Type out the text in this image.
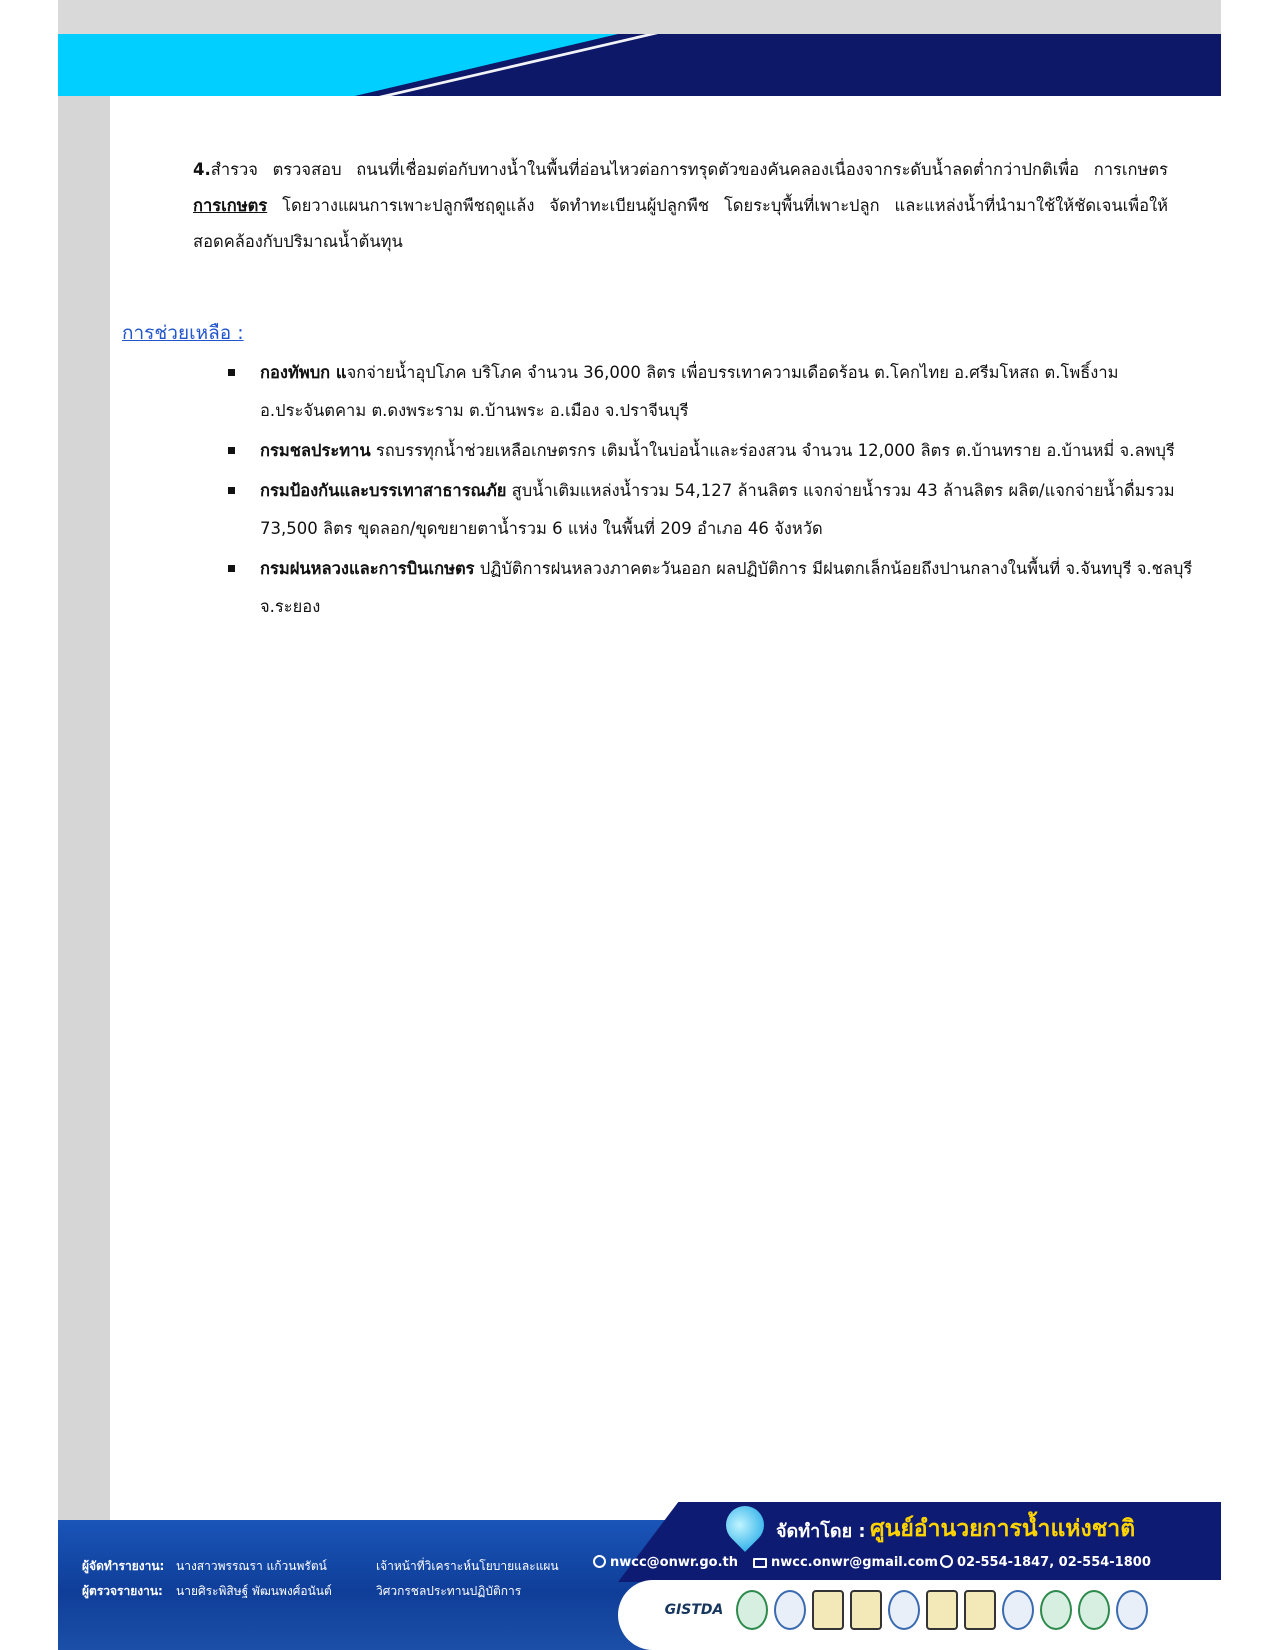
4.สำรวจ ตรวจสอบ ถนนที่เชื่อมต่อกับทางน้ำในพื้นที่อ่อนไหวต่อการทรุดตัวของคันคลองเนื่องจากระดับน้ำลดต่ำกว่าปกติเพื่อ การเกษตร การเกษตร โดยวางแผนการเพาะปลูกพืชฤดูแล้ง จัดทำทะเบียนผู้ปลูกพืช โดยระบุพื้นที่เพาะปลูก และแหล่งน้ำที่นำมาใช้ให้ชัดเจนเพื่อให้สอดคล้องกับปริมาณน้ำต้นทุน
การช่วยเหลือ :
กองทัพบก แจกจ่ายน้ำอุปโภค บริโภค จำนวน 36,000 ลิตร เพื่อบรรเทาความเดือดร้อน ต.โคกไทย อ.ศรีมโหสถ ต.โพธิ์งาม อ.ประจันตคาม ต.ดงพระราม ต.บ้านพระ อ.เมือง จ.ปราจีนบุรี
กรมชลประทาน รถบรรทุกน้ำช่วยเหลือเกษตรกร เติมน้ำในบ่อน้ำและร่องสวน จำนวน 12,000 ลิตร ต.บ้านทราย อ.บ้านหมี่ จ.ลพบุรี
กรมป้องกันและบรรเทาสาธารณภัย สูบน้ำเติมแหล่งน้ำรวม 54,127 ล้านลิตร แจกจ่ายน้ำรวม 43 ล้านลิตร ผลิต/แจกจ่ายน้ำดื่มรวม 73,500 ลิตร ขุดลอก/ขุดขยายตาน้ำรวม 6 แห่ง ในพื้นที่ 209 อำเภอ 46 จังหวัด
กรมฝนหลวงและการบินเกษตร ปฏิบัติการฝนหลวงภาคตะวันออก ผลปฏิบัติการ มีฝนตกเล็กน้อยถึงปานกลางในพื้นที่ จ.จันทบุรี จ.ชลบุรี จ.ระยอง
จัดทำโดย : ศูนย์อำนวยการน้ำแห่งชาติ
nwcc@onwr.go.th	nwcc.onwr@gmail.com	02-554-1847, 02-554-1800
ผู้จัดทำรายงาน: นางสาวพรรณรา แก้วนพรัตน์	เจ้าหน้าที่วิเคราะห์นโยบายและแผน
ผู้ตรวจรายงาน: นายศิระพิสิษฐ์ พัฒนพงศ์อนันต์	วิศวกรชลประทานปฏิบัติการ
GISTDA
